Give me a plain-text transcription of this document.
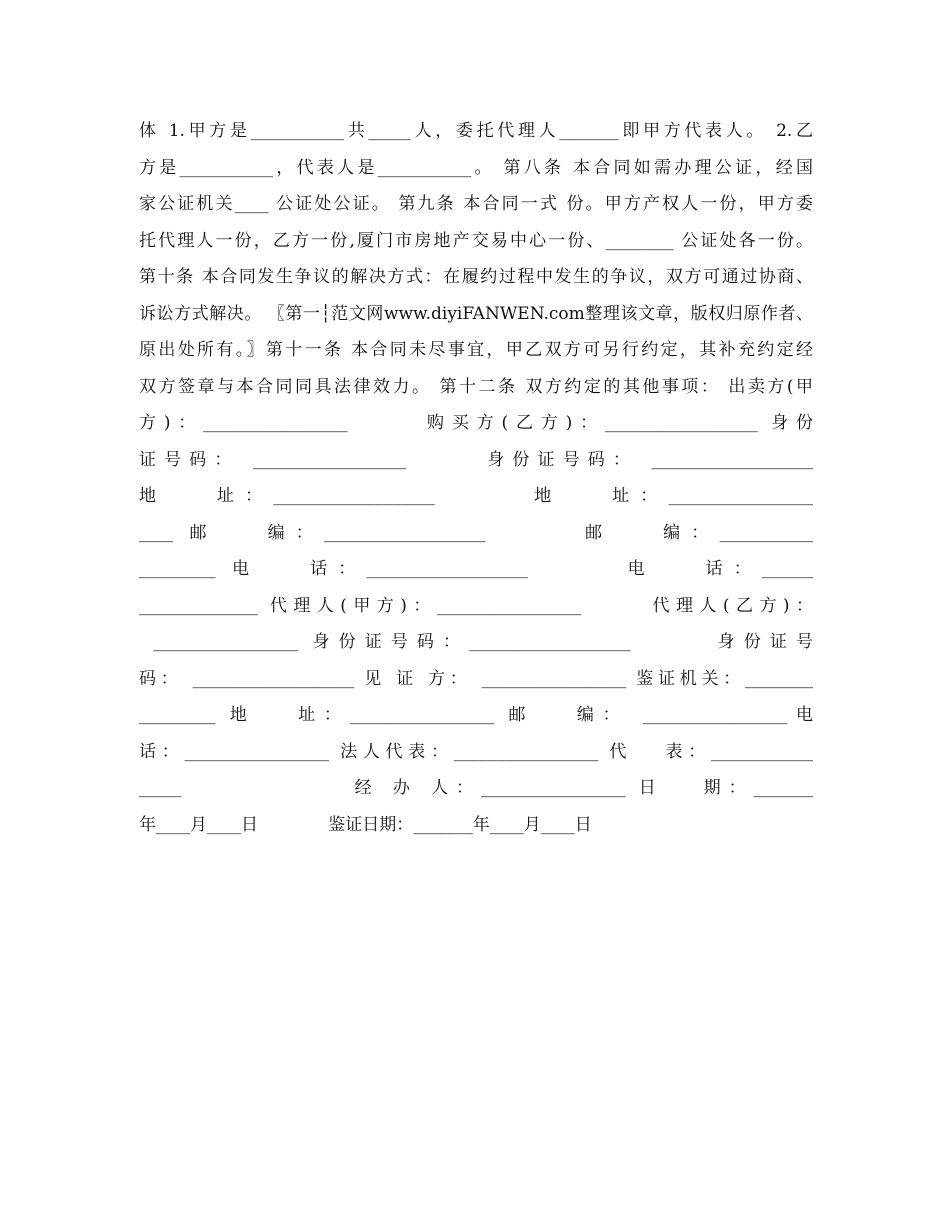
体 1.甲方是___________共_____人，委托代理人_______即甲方代表人。 2.乙
方是___________，代表人是___________。 第八条 本合同如需办理公证，经国
家公证机关____ 公证处公证。 第九条 本合同一式 份。甲方产权人一份，甲方委
托代理人一份，乙方一份,厦门市房地产交易中心一份、________ 公证处各一份。
第十条 本合同发生争议的解决方式：在履约过程中发生的争议，双方可通过协商、
诉讼方式解决。 〖第一┆范文网www.diyiFANWEN.com整理该文章，版权归原作者、
原出处所有。〗第十一条 本合同未尽事宜，甲乙双方可另行约定，其补充约定经
双方签章与本合同同具法律效力。 第十二条 双方约定的其他事项： 出卖方(甲
方)：_________________      购买方(乙方)：__________________ 身份
证号码： __________________      身份证号码： ___________________
地   址：___________________      地   址：_________________
____ 邮   编：___________________      邮   编：___________
_________ 电   话：___________________      电   话：______
______________ 代理人(甲方)：_________________      代理人(乙方)：
_________________ 身份证号码：___________________      身份证号
码： ___________________ 见 证 方： _________________ 鉴证机关：________
_________ 地   址：_________________ 邮   编： _________________电
话：_________________ 法人代表：_________________ 代   表：____________
_____             经 办 人：_________________ 日   期：_______
年____月____日             鉴证日期：_______年____月____日
